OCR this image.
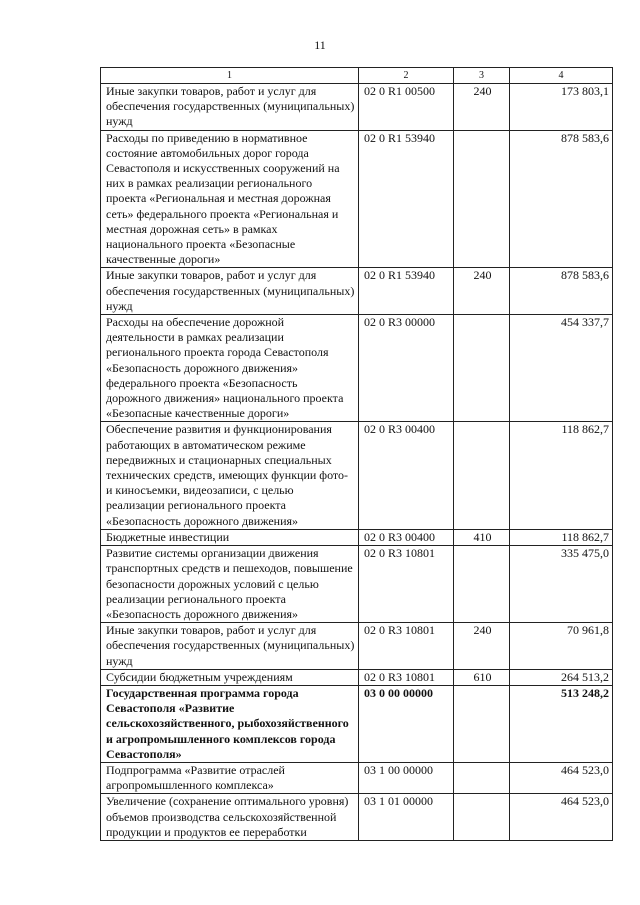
11
1	2	3	4
Иные закупки товаров, работ и услуг для обеспечения государственных (муниципальных) нужд	02 0 R1 00500	240	173 803,1
Расходы по приведению в нормативное состояние автомобильных дорог города Севастополя и искусственных сооружений на них в рамках реализации регионального проекта «Региональная и местная дорожная сеть» федерального проекта «Региональная и местная дорожная сеть» в рамках национального проекта «Безопасные качественные дороги»	02 0 R1 53940		878 583,6
Иные закупки товаров, работ и услуг для обеспечения государственных (муниципальных) нужд	02 0 R1 53940	240	878 583,6
Расходы на обеспечение дорожной деятельности в рамках реализации регионального проекта города Севастополя «Безопасность дорожного движения» федерального проекта «Безопасность дорожного движения» национального проекта «Безопасные качественные дороги»	02 0 R3 00000		454 337,7
Обеспечение развития и функционирования работающих в автоматическом режиме передвижных и стационарных специальных технических средств, имеющих функции фото- и киносъемки, видеозаписи, с целью реализации регионального проекта «Безопасность дорожного движения»	02 0 R3 00400		118 862,7
Бюджетные инвестиции	02 0 R3 00400	410	118 862,7
Развитие системы организации движения транспортных средств и пешеходов, повышение безопасности дорожных условий с целью реализации регионального проекта «Безопасность дорожного движения»	02 0 R3 10801		335 475,0
Иные закупки товаров, работ и услуг для обеспечения государственных (муниципальных) нужд	02 0 R3 10801	240	70 961,8
Субсидии бюджетным учреждениям	02 0 R3 10801	610	264 513,2
Государственная программа города Севастополя «Развитие сельскохозяйственного, рыбохозяйственного и агропромышленного комплексов города Севастополя»	03 0 00 00000		513 248,2
Подпрограмма «Развитие отраслей агропромышленного комплекса»	03 1 00 00000		464 523,0
Увеличение (сохранение оптимального уровня) объемов производства сельскохозяйственной продукции и продуктов ее переработки	03 1 01 00000		464 523,0
